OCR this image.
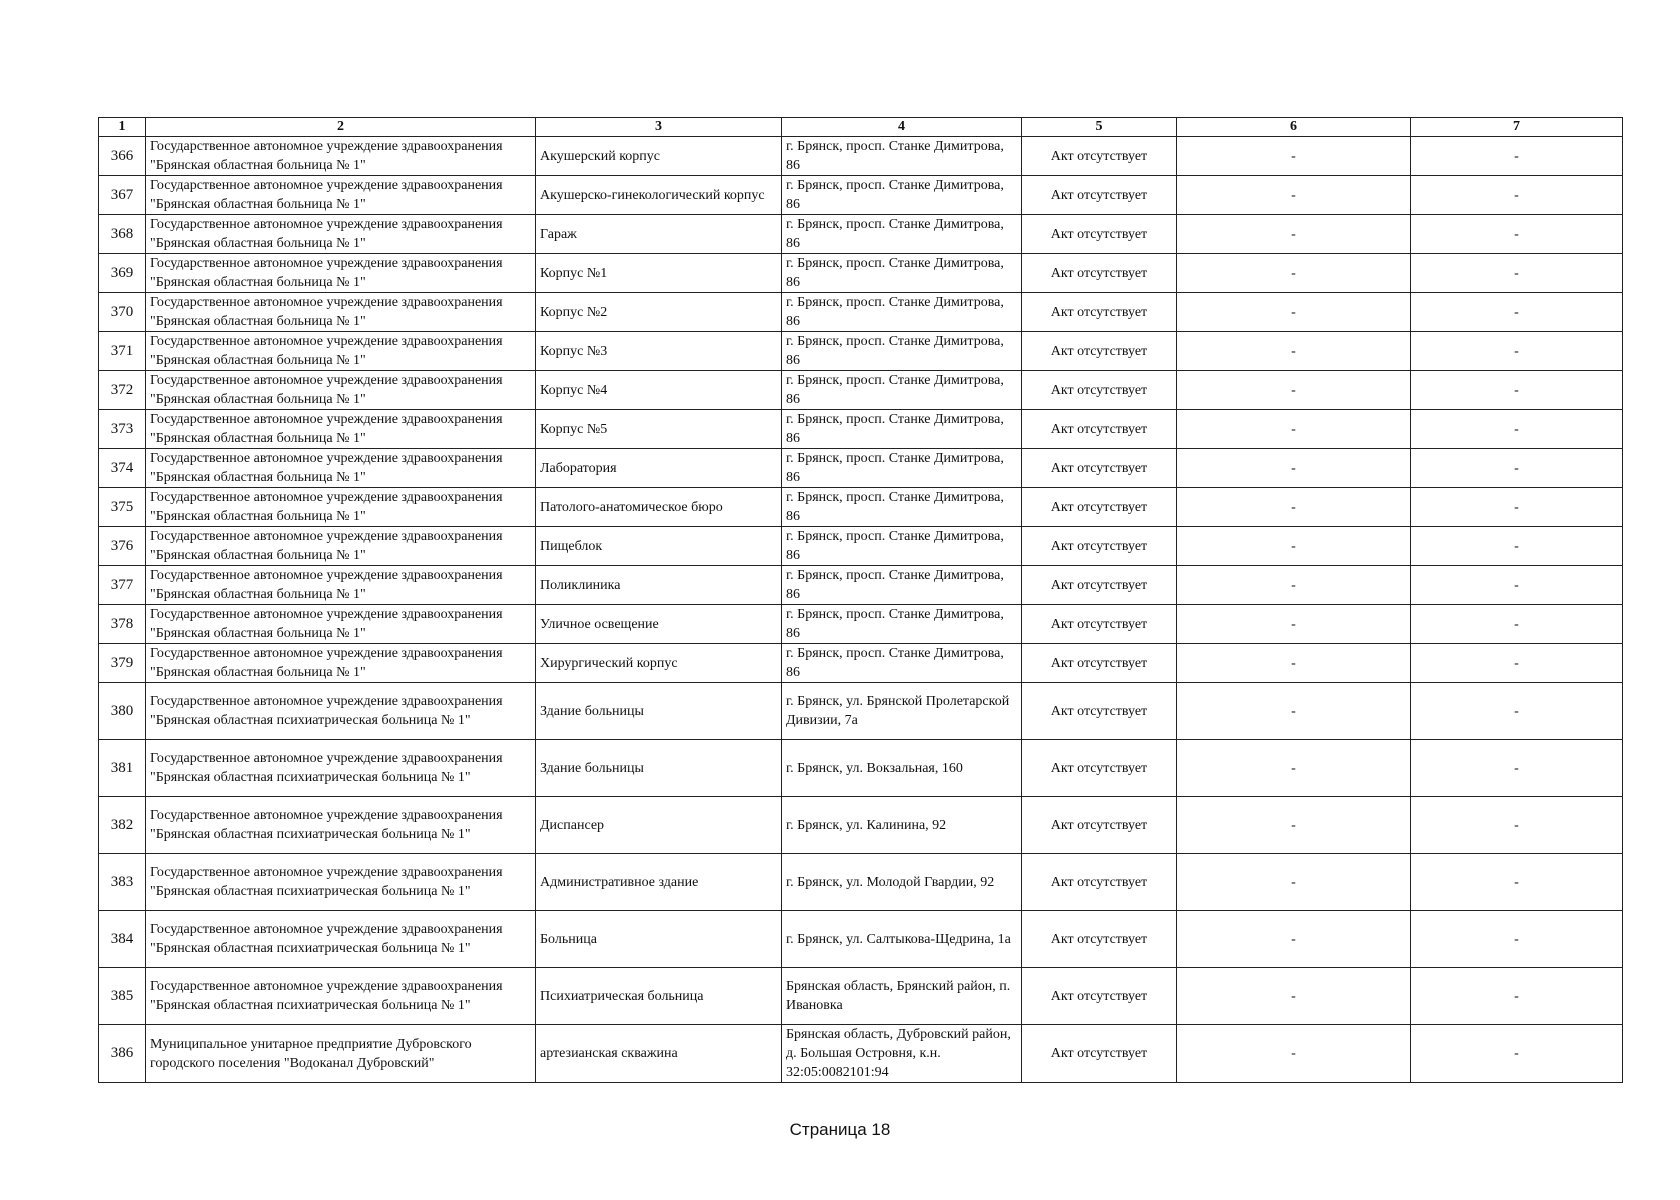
1	2	3	4	5	6	7
366	Государственное автономное учреждение здравоохранения "Брянская областная больница № 1"	Акушерский корпус	г. Брянск, просп. Станке Димитрова, 86	Акт отсутствует	-	-
367	Государственное автономное учреждение здравоохранения "Брянская областная больница № 1"	Акушерско-гинекологический корпус	г. Брянск, просп. Станке Димитрова, 86	Акт отсутствует	-	-
368	Государственное автономное учреждение здравоохранения "Брянская областная больница № 1"	Гараж	г. Брянск, просп. Станке Димитрова, 86	Акт отсутствует	-	-
369	Государственное автономное учреждение здравоохранения "Брянская областная больница № 1"	Корпус №1	г. Брянск, просп. Станке Димитрова, 86	Акт отсутствует	-	-
370	Государственное автономное учреждение здравоохранения "Брянская областная больница № 1"	Корпус №2	г. Брянск, просп. Станке Димитрова, 86	Акт отсутствует	-	-
371	Государственное автономное учреждение здравоохранения "Брянская областная больница № 1"	Корпус №3	г. Брянск, просп. Станке Димитрова, 86	Акт отсутствует	-	-
372	Государственное автономное учреждение здравоохранения "Брянская областная больница № 1"	Корпус №4	г. Брянск, просп. Станке Димитрова, 86	Акт отсутствует	-	-
373	Государственное автономное учреждение здравоохранения "Брянская областная больница № 1"	Корпус №5	г. Брянск, просп. Станке Димитрова, 86	Акт отсутствует	-	-
374	Государственное автономное учреждение здравоохранения "Брянская областная больница № 1"	Лаборатория	г. Брянск, просп. Станке Димитрова, 86	Акт отсутствует	-	-
375	Государственное автономное учреждение здравоохранения "Брянская областная больница № 1"	Патолого-анатомическое бюро	г. Брянск, просп. Станке Димитрова, 86	Акт отсутствует	-	-
376	Государственное автономное учреждение здравоохранения "Брянская областная больница № 1"	Пищеблок	г. Брянск, просп. Станке Димитрова, 86	Акт отсутствует	-	-
377	Государственное автономное учреждение здравоохранения "Брянская областная больница № 1"	Поликлиника	г. Брянск, просп. Станке Димитрова, 86	Акт отсутствует	-	-
378	Государственное автономное учреждение здравоохранения "Брянская областная больница № 1"	Уличное освещение	г. Брянск, просп. Станке Димитрова, 86	Акт отсутствует	-	-
379	Государственное автономное учреждение здравоохранения "Брянская областная больница № 1"	Хирургический корпус	г. Брянск, просп. Станке Димитрова, 86	Акт отсутствует	-	-
380	Государственное автономное учреждение здравоохранения "Брянская областная психиатрическая больница № 1"	Здание больницы	г. Брянск, ул. Брянской Пролетарской Дивизии, 7а	Акт отсутствует	-	-
381	Государственное автономное учреждение здравоохранения "Брянская областная психиатрическая больница № 1"	Здание больницы	г. Брянск, ул. Вокзальная, 160	Акт отсутствует	-	-
382	Государственное автономное учреждение здравоохранения "Брянская областная психиатрическая больница № 1"	Диспансер	г. Брянск, ул. Калинина, 92	Акт отсутствует	-	-
383	Государственное автономное учреждение здравоохранения "Брянская областная психиатрическая больница № 1"	Административное здание	г. Брянск, ул. Молодой Гвардии, 92	Акт отсутствует	-	-
384	Государственное автономное учреждение здравоохранения "Брянская областная психиатрическая больница № 1"	Больница	г. Брянск, ул. Салтыкова-Щедрина, 1а	Акт отсутствует	-	-
385	Государственное автономное учреждение здравоохранения "Брянская областная психиатрическая больница № 1"	Психиатрическая больница	Брянская область, Брянский район, п. Ивановка	Акт отсутствует	-	-
386	Муниципальное унитарное предприятие Дубровского городского поселения "Водоканал Дубровский"	артезианская скважина	Брянская область, Дубровский район, д. Большая Островня, к.н. 32:05:0082101:94	Акт отсутствует	-	-
Страница 18
